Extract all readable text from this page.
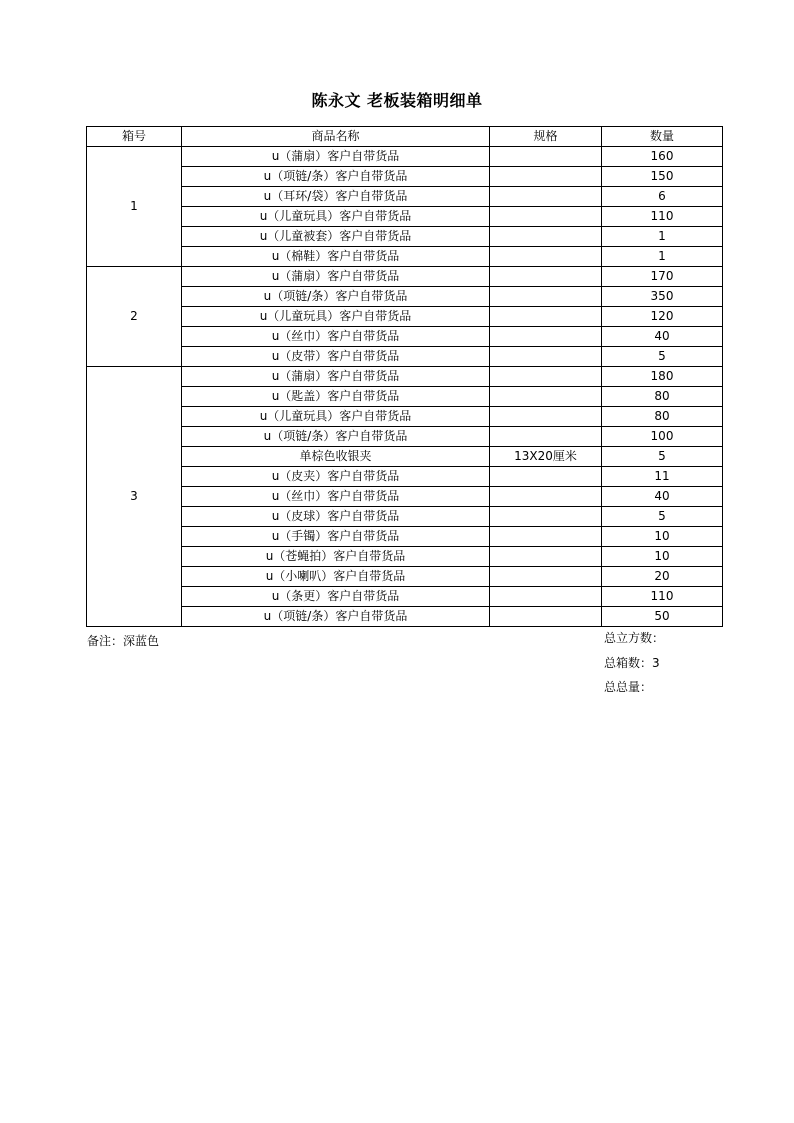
陈永文 老板装箱明细单
箱号	商品名称	规格	数量
1	u（蒲扇）客户自带货品		160
	u（项链/条）客户自带货品		150
	u（耳环/袋）客户自带货品		6
	u（儿童玩具）客户自带货品		110
	u（儿童被套）客户自带货品		1
	u（棉鞋）客户自带货品		1
2	u（蒲扇）客户自带货品		170
	u（项链/条）客户自带货品		350
	u（儿童玩具）客户自带货品		120
	u（丝巾）客户自带货品		40
	u（皮带）客户自带货品		5
3	u（蒲扇）客户自带货品		180
	u（匙盖）客户自带货品		80
	u（儿童玩具）客户自带货品		80
	u（项链/条）客户自带货品		100
	单棕色收银夹	13X20厘米	5
	u（皮夹）客户自带货品		11
	u（丝巾）客户自带货品		40
	u（皮球）客户自带货品		5
	u（手镯）客户自带货品		10
	u（苍蝇拍）客户自带货品		10
	u（小喇叭）客户自带货品		20
	u（条更）客户自带货品		110
	u（项链/条）客户自带货品		50
备注：深蓝色	总立方数：
总箱数：3
总总量：
